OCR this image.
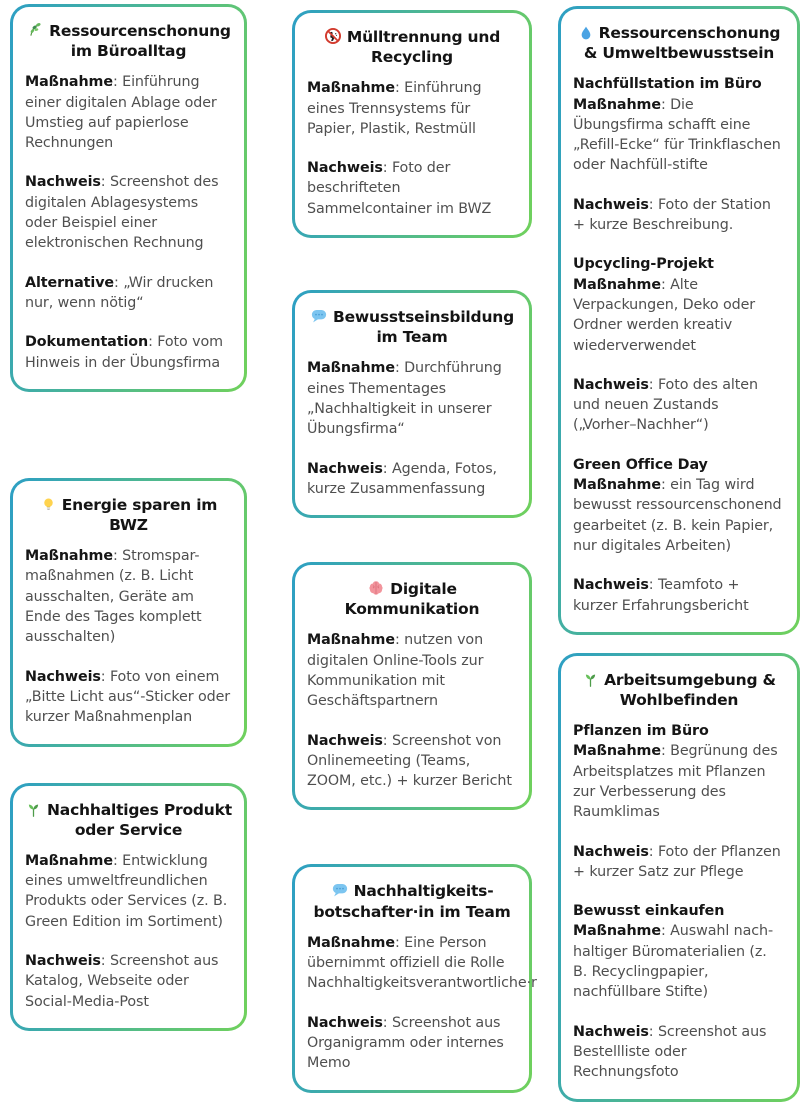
Ressourcenschonung im Büroalltag

Maßnahme: Einführung einer digitalen Ablage oder Umstieg auf papierlose Rechnungen

Nachweis: Screenshot des digitalen Ablagesystems oder Beispiel einer elektronischen Rechnung

Alternative: „Wir drucken nur, wenn nötig“

Dokumentation: Foto vom Hinweis in der Übungsfirma

Energie sparen im BWZ

Maßnahme: Stromspar-maßnahmen (z. B. Licht ausschalten, Geräte am Ende des Tages komplett ausschalten)

Nachweis: Foto von einem „Bitte Licht aus“-Sticker oder kurzer Maßnahmenplan

Nachhaltiges Produkt oder Service

Maßnahme: Entwicklung eines umweltfreundlichen Produkts oder Services (z. B. Green Edition im Sortiment)

Nachweis: Screenshot aus Katalog, Webseite oder Social-Media-Post

Mülltrennung und Recycling

Maßnahme: Einführung eines Trennsystems für Papier, Plastik, Restmüll

Nachweis: Foto der beschrifteten Sammelcontainer im BWZ

Bewusstseinsbildung im Team

Maßnahme: Durchführung eines Thementages „Nachhaltigkeit in unserer Übungsfirma“

Nachweis: Agenda, Fotos, kurze Zusammenfassung

Digitale Kommunikation

Maßnahme: nutzen von digitalen Online-Tools zur Kommunikation mit Geschäftspartnern

Nachweis: Screenshot von Onlinemeeting (Teams, ZOOM, etc.) + kurzer Bericht

Nachhaltigkeits-botschafter·in im Team

Maßnahme: Eine Person übernimmt offiziell die Rolle Nachhaltigkeitsverantwortliche·r

Nachweis: Screenshot aus Organigramm oder internes Memo

Ressourcenschonung & Umweltbewusstsein

Nachfüllstation im Büro
Maßnahme: Die Übungsfirma schafft eine „Refill-Ecke“ für Trinkflaschen oder Nachfüll-stifte

Nachweis: Foto der Station + kurze Beschreibung.

Upcycling-Projekt
Maßnahme: Alte Verpackungen, Deko oder Ordner werden kreativ wiederverwendet

Nachweis: Foto des alten und neuen Zustands („Vorher–Nachher“)

Green Office Day
Maßnahme: ein Tag wird bewusst ressourcenschonend gearbeitet (z. B. kein Papier, nur digitales Arbeiten)

Nachweis: Teamfoto + kurzer Erfahrungsbericht

Arbeitsumgebung & Wohlbefinden

Pflanzen im Büro
Maßnahme: Begrünung des Arbeitsplatzes mit Pflanzen zur Verbesserung des Raumklimas

Nachweis: Foto der Pflanzen + kurzer Satz zur Pflege

Bewusst einkaufen
Maßnahme: Auswahl nach-haltiger Büromaterialien (z. B. Recyclingpapier, nachfüllbare Stifte)

Nachweis: Screenshot aus Bestellliste oder Rechnungsfoto
